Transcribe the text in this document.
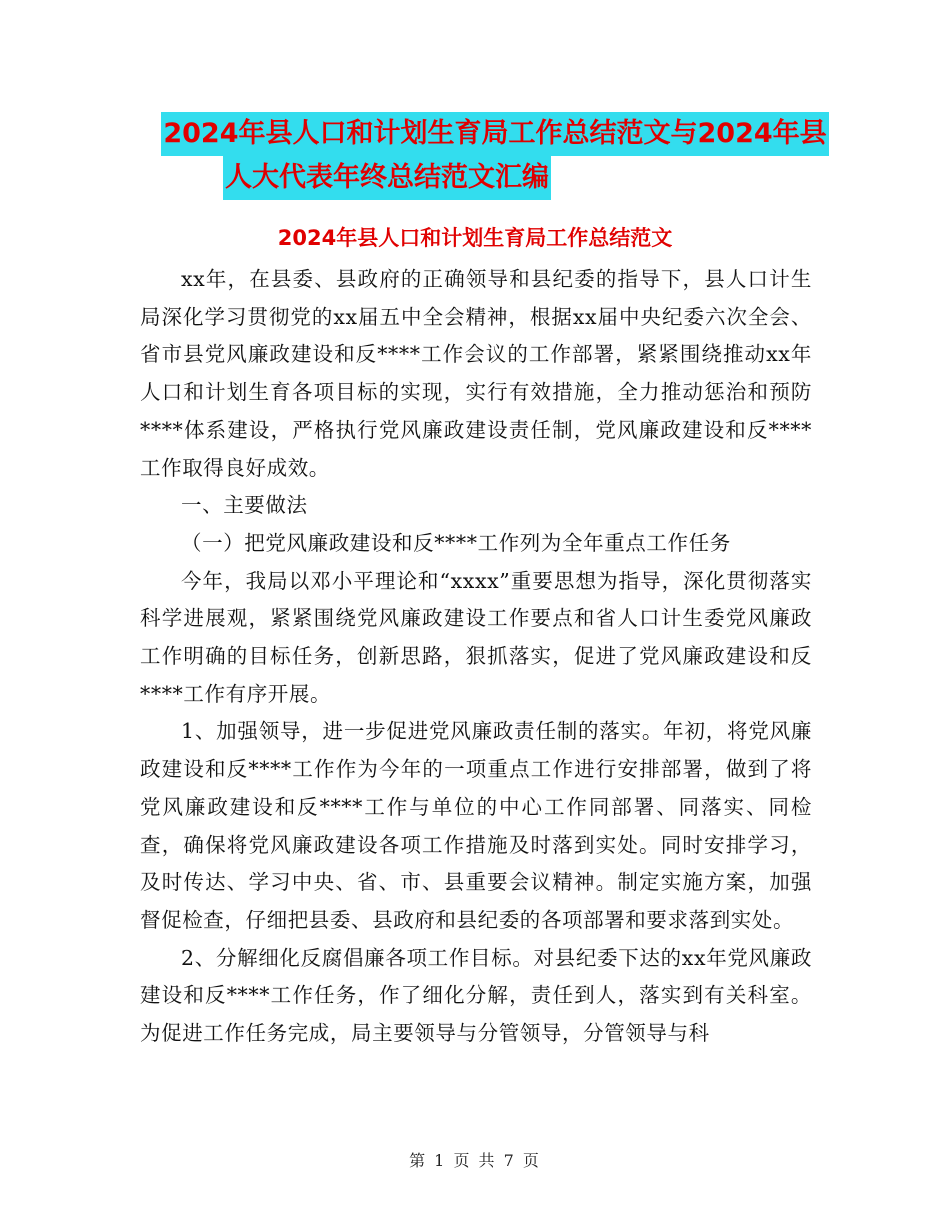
2024年县人口和计划生育局工作总结范文与2024年县
人大代表年终总结范文汇编
2024年县人口和计划生育局工作总结范文

xx年，在县委、县政府的正确领导和县纪委的指导下，县人口计生局深化学习贯彻党的xx届五中全会精神，根据xx届中央纪委六次全会、省市县党风廉政建设和反****工作会议的工作部署，紧紧围绕推动xx年人口和计划生育各项目标的实现，实行有效措施，全力推动惩治和预防****体系建设，严格执行党风廉政建设责任制，党风廉政建设和反****工作取得良好成效。

一、主要做法

（一）把党风廉政建设和反****工作列为全年重点工作任务

今年，我局以邓小平理论和“xxxx”重要思想为指导，深化贯彻落实科学进展观，紧紧围绕党风廉政建设工作要点和省人口计生委党风廉政工作明确的目标任务，创新思路，狠抓落实，促进了党风廉政建设和反****工作有序开展。

1、加强领导，进一步促进党风廉政责任制的落实。年初，将党风廉政建设和反****工作作为今年的一项重点工作进行安排部署，做到了将党风廉政建设和反****工作与单位的中心工作同部署、同落实、同检查，确保将党风廉政建设各项工作措施及时落到实处。同时安排学习，及时传达、学习中央、省、市、县重要会议精神。制定实施方案，加强督促检查，仔细把县委、县政府和县纪委的各项部署和要求落到实处。

2、分解细化反腐倡廉各项工作目标。对县纪委下达的xx年党风廉政建设和反****工作任务，作了细化分解，责任到人，落实到有关科室。为促进工作任务完成，局主要领导与分管领导，分管领导与科

第 1 页 共 7 页
